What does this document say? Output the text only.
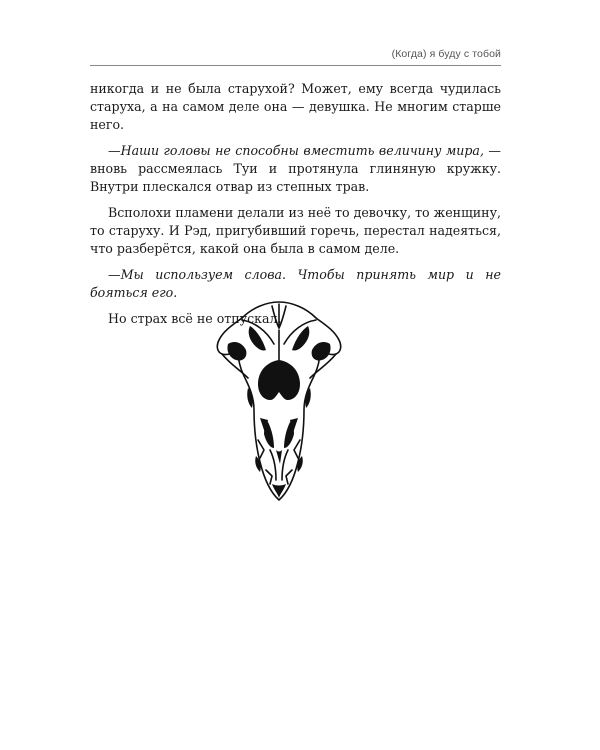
(Когда) я буду с тобой

никогда и не была старухой? Может, ему всегда чудилась старуха, а на самом деле она — девушка. Не многим старше него.

—Наши головы не способны вместить величину мира, — вновь рассмеялась Туи и протянула глиняную кружку. Внутри плескался отвар из степных трав.

Всполохи пламени делали из неё то девочку, то женщину, то старуху. И Рэд, пригубивший горечь, перестал надеяться, что разберётся, какой она была в самом деле.

—Мы используем слова. Чтобы принять мир и не бояться его.

Но страх всё не отпускал.
